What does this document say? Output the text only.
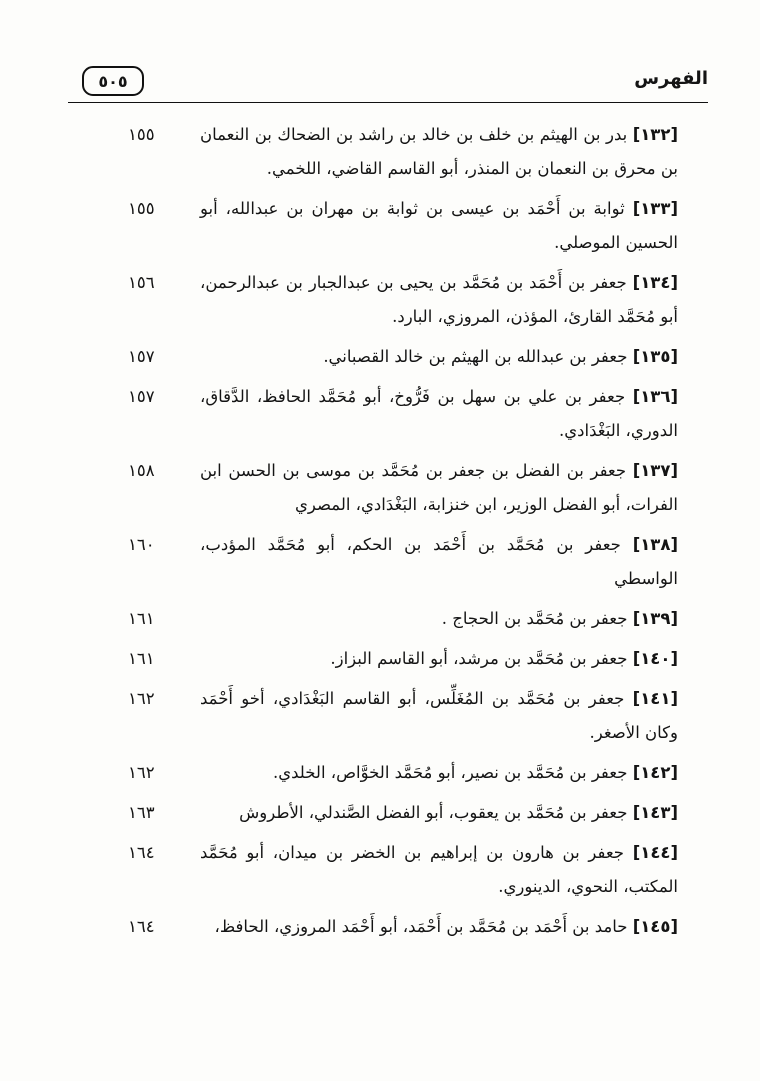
الفهرس
٥٠٥
١٥٥	[١٣٢] بدر بن الهيثم بن خلف بن خالد بن راشد بن الضحاك بن النعمان بن محرق بن النعمان بن المنذر، أبو القاسم القاضي، اللخمي.
١٥٥	[١٣٣] ثوابة بن أَحْمَد بن عيسى بن ثوابة بن مهران بن عبدالله، أبو الحسين الموصلي.
١٥٦	[١٣٤] جعفر بن أَحْمَد بن مُحَمَّد بن يحيى بن عبدالجبار بن عبدالرحمن، أبو مُحَمَّد القارئ، المؤذن، المروزي، البارد.
١٥٧	[١٣٥] جعفر بن عبدالله بن الهيثم بن خالد القصباني.
١٥٧	[١٣٦] جعفر بن علي بن سهل بن فَرُّوخ، أبو مُحَمَّد الحافظ، الدَّقاق، الدوري، البَغْدَادي.
١٥٨	[١٣٧] جعفر بن الفضل بن جعفر بن مُحَمَّد بن موسى بن الحسن ابن الفرات، أبو الفضل الوزير، ابن خنزابة، البَغْدَادي، المصري
١٦٠	[١٣٨] جعفر بن مُحَمَّد بن أَحْمَد بن الحكم، أبو مُحَمَّد المؤدب، الواسطي
١٦١	[١٣٩] جعفر بن مُحَمَّد بن الحجاج .
١٦١	[١٤٠] جعفر بن مُحَمَّد بن مرشد، أبو القاسم البزاز.
١٦٢	[١٤١] جعفر بن مُحَمَّد بن المُغَلِّس، أبو القاسم البَغْدَادي، أخو أَحْمَد وكان الأصغر.
١٦٢	[١٤٢] جعفر بن مُحَمَّد بن نصير، أبو مُحَمَّد الخوَّاص، الخلدي.
١٦٣	[١٤٣] جعفر بن مُحَمَّد بن يعقوب، أبو الفضل الصَّندلي، الأطروش
١٦٤	[١٤٤] جعفر بن هارون بن إبراهيم بن الخضر بن ميدان، أبو مُحَمَّد المكتب، النحوي، الدينوري.
١٦٤	[١٤٥] حامد بن أَحْمَد بن مُحَمَّد بن أَحْمَد، أبو أَحْمَد المروزي، الحافظ،
